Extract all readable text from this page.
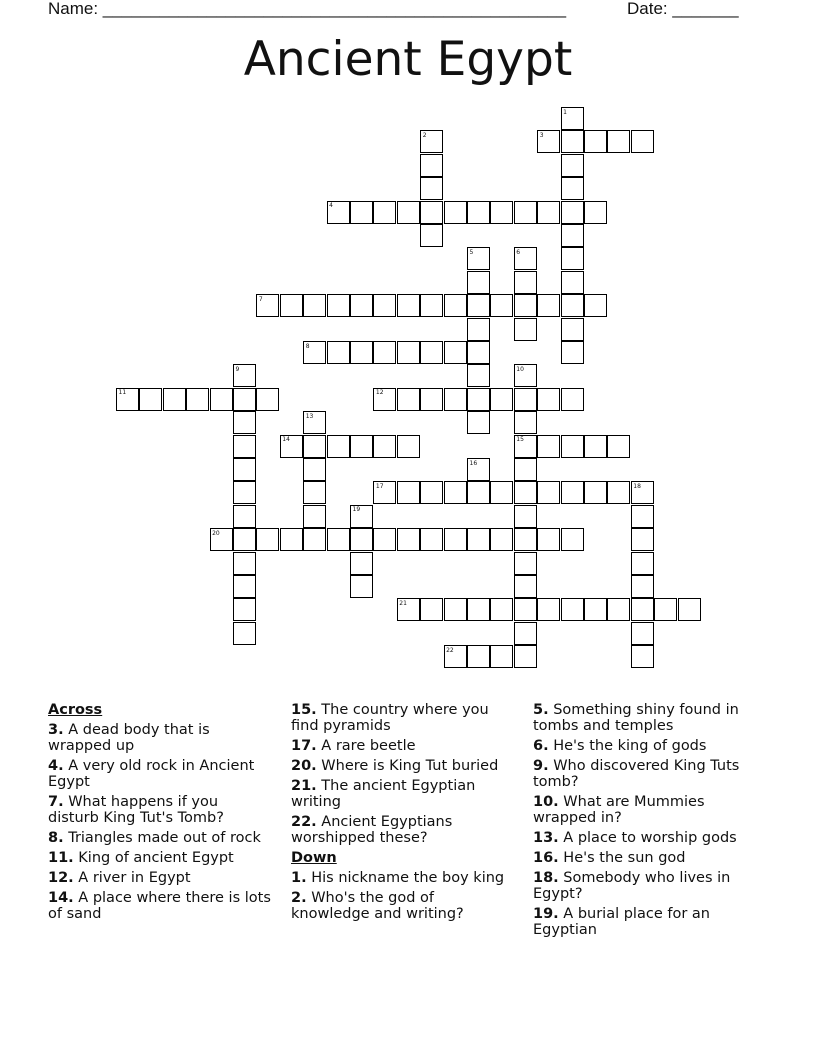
Name: _________________________________________________	Date: _______
Ancient Egypt
1
2	3
4
5	6
7
8
9	10
11	12
13
14	15
16
17	18
19
20
21
22
Across
3. A dead body that is wrapped up
4. A very old rock in Ancient Egypt
7. What happens if you disturb King Tut's Tomb?
8. Triangles made out of rock
11. King of ancient Egypt
12. A river in Egypt
14. A place where there is lots of sand
15. The country where you find pyramids
17. A rare beetle
20. Where is King Tut buried
21. The ancient Egyptian writing
22. Ancient Egyptians worshipped these?
Down
1. His nickname the boy king
2. Who's the god of knowledge and writing?
5. Something shiny found in tombs and temples
6. He's the king of gods
9. Who discovered King Tuts tomb?
10. What are Mummies wrapped in?
13. A place to worship gods
16. He's the sun god
18. Somebody who lives in Egypt?
19. A burial place for an Egyptian
